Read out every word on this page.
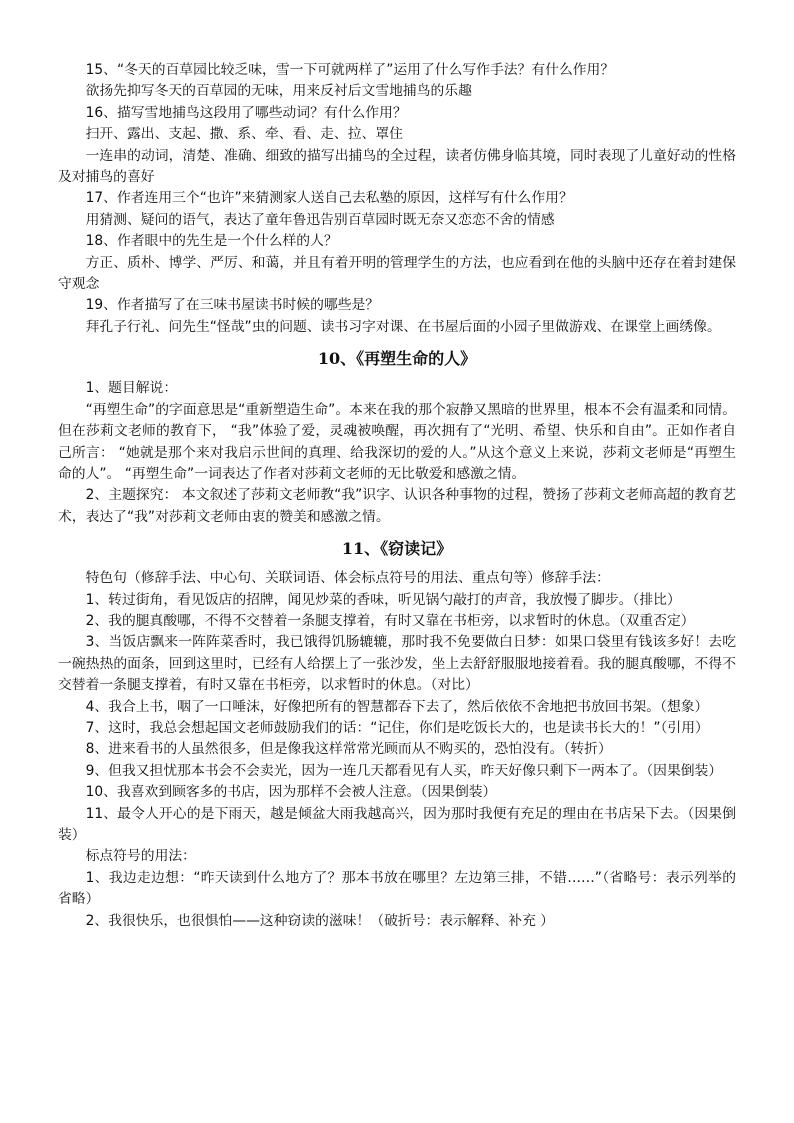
15、“冬天的百草园比较乏味，雪一下可就两样了”运用了什么写作手法？有什么作用？

欲扬先抑写冬天的百草园的无味，用来反衬后文雪地捕鸟的乐趣

16、描写雪地捕鸟这段用了哪些动词？有什么作用？

扫开、露出、支起、撒、系、牵、看、走、拉、罩住

一连串的动词，清楚、准确、细致的描写出捕鸟的全过程，读者仿佛身临其境，同时表现了儿童好动的性格及对捕鸟的喜好

17、作者连用三个“也许”来猜测家人送自己去私塾的原因，这样写有什么作用？

用猜测、疑问的语气，表达了童年鲁迅告别百草园时既无奈又恋恋不舍的情感

18、作者眼中的先生是一个什么样的人？

方正、质朴、博学、严厉、和蔼，并且有着开明的管理学生的方法，也应看到在他的头脑中还存在着封建保守观念

19、作者描写了在三味书屋读书时候的哪些是？

拜孔子行礼、问先生“怪哉”虫的问题、读书习字对课、在书屋后面的小园子里做游戏、在课堂上画绣像。

10、《再塑生命的人》

1、题目解说：

“再塑生命”的字面意思是“重新塑造生命”。本来在我的那个寂静又黑暗的世界里，根本不会有温柔和同情。但在莎莉文老师的教育下， “我”体验了爱，灵魂被唤醒，再次拥有了“光明、希望、快乐和自由”。正如作者自己所言： “她就是那个来对我启示世间的真理、给我深切的爱的人。”从这个意义上来说，莎莉文老师是“再塑生命的人”。 “再塑生命”一词表达了作者对莎莉文老师的无比敬爱和感激之情。

2、主题探究： 本文叙述了莎莉文老师教“我”识字、认识各种事物的过程，赞扬了莎莉文老师高超的教育艺术，表达了“我”对莎莉文老师由衷的赞美和感激之情。

11、《窃读记》

特色句（修辞手法、中心句、关联词语、体会标点符号的用法、重点句等）修辞手法：

1、转过街角，看见饭店的招牌，闻见炒菜的香味，听见锅勺敲打的声音，我放慢了脚步。（排比）

2、我的腿真酸哪，不得不交替着一条腿支撑着，有时又靠在书柜旁，以求暂时的休息。（双重否定）

3、当饭店飘来一阵阵菜香时，我已饿得饥肠辘辘，那时我不免要做白日梦：如果口袋里有钱该多好！去吃一碗热热的面条，回到这里时，已经有人给摆上了一张沙发，坐上去舒舒服服地接着看。我的腿真酸哪，不得不交替着一条腿支撑着，有时又靠在书柜旁，以求暂时的休息。（对比）

4、我合上书，咽了一口唾沫，好像把所有的智慧都吞下去了，然后依依不舍地把书放回书架。（想象）

7、这时，我总会想起国文老师鼓励我们的话：“记住，你们是吃饭长大的，也是读书长大的！”（引用）

8、进来看书的人虽然很多，但是像我这样常常光顾而从不购买的，恐怕没有。（转折）

9、但我又担忧那本书会不会卖光，因为一连几天都看见有人买，昨天好像只剩下一两本了。（因果倒装）

10、我喜欢到顾客多的书店，因为那样不会被人注意。（因果倒装）

11、最令人开心的是下雨天，越是倾盆大雨我越高兴，因为那时我便有充足的理由在书店呆下去。（因果倒装）

标点符号的用法：

1、我边走边想：“昨天读到什么地方了？那本书放在哪里？左边第三排，不错……”（省略号：表示列举的省略）

2、我很快乐，也很惧怕——这种窃读的滋味！（破折号：表示解释、补充 ）
